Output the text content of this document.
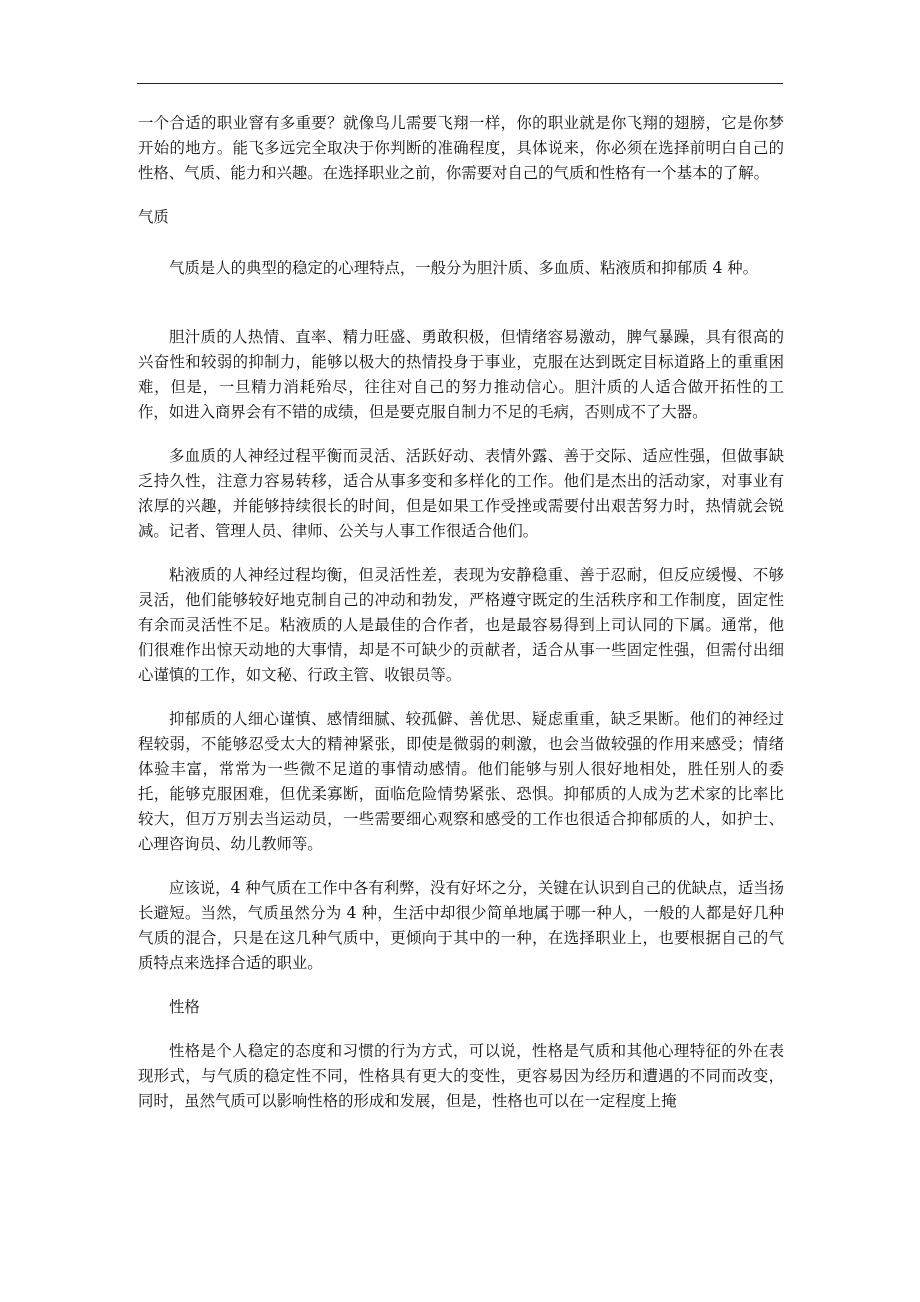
一个合适的职业窨有多重要？就像鸟儿需要飞翔一样，你的职业就是你飞翔的翅膀，它是你梦开始的地方。能飞多远完全取决于你判断的准确程度，具体说来，你必须在选择前明白自己的性格、气质、能力和兴趣。在选择职业之前，你需要对自己的气质和性格有一个基本的了解。

气质

气质是人的典型的稳定的心理特点，一般分为胆汁质、多血质、粘液质和抑郁质 4 种。

胆汁质的人热情、直率、精力旺盛、勇敢积极，但情绪容易激动，脾气暴躁，具有很高的兴奋性和较弱的抑制力，能够以极大的热情投身于事业，克服在达到既定目标道路上的重重困难，但是，一旦精力消耗殆尽，往往对自己的努力推动信心。胆汁质的人适合做开拓性的工作，如进入商界会有不错的成绩，但是要克服自制力不足的毛病，否则成不了大器。

多血质的人神经过程平衡而灵活、活跃好动、表情外露、善于交际、适应性强，但做事缺乏持久性，注意力容易转移，适合从事多变和多样化的工作。他们是杰出的活动家，对事业有浓厚的兴趣，并能够持续很长的时间，但是如果工作受挫或需要付出艰苦努力时，热情就会锐减。记者、管理人员、律师、公关与人事工作很适合他们。

粘液质的人神经过程均衡，但灵活性差，表现为安静稳重、善于忍耐，但反应缓慢、不够灵活，他们能够较好地克制自己的冲动和勃发，严格遵守既定的生活秩序和工作制度，固定性有余而灵活性不足。粘液质的人是最佳的合作者，也是最容易得到上司认同的下属。通常，他们很难作出惊天动地的大事情，却是不可缺少的贡献者，适合从事一些固定性强，但需付出细心谨慎的工作，如文秘、行政主管、收银员等。

抑郁质的人细心谨慎、感情细腻、较孤僻、善优思、疑虑重重，缺乏果断。他们的神经过程较弱，不能够忍受太大的精神紧张，即使是微弱的刺激，也会当做较强的作用来感受；情绪体验丰富，常常为一些微不足道的事情动感情。他们能够与别人很好地相处，胜任别人的委托，能够克服困难，但优柔寡断，面临危险情势紧张、恐惧。抑郁质的人成为艺术家的比率比较大，但万万别去当运动员，一些需要细心观察和感受的工作也很适合抑郁质的人，如护士、心理咨询员、幼儿教师等。

应该说，4 种气质在工作中各有利弊，没有好坏之分，关键在认识到自己的优缺点，适当扬长避短。当然，气质虽然分为 4 种，生活中却很少简单地属于哪一种人，一般的人都是好几种气质的混合，只是在这几种气质中，更倾向于其中的一种，在选择职业上，也要根据自己的气质特点来选择合适的职业。

性格

性格是个人稳定的态度和习惯的行为方式，可以说，性格是气质和其他心理特征的外在表现形式，与气质的稳定性不同，性格具有更大的变性，更容易因为经历和遭遇的不同而改变，同时，虽然气质可以影响性格的形成和发展，但是，性格也可以在一定程度上掩
